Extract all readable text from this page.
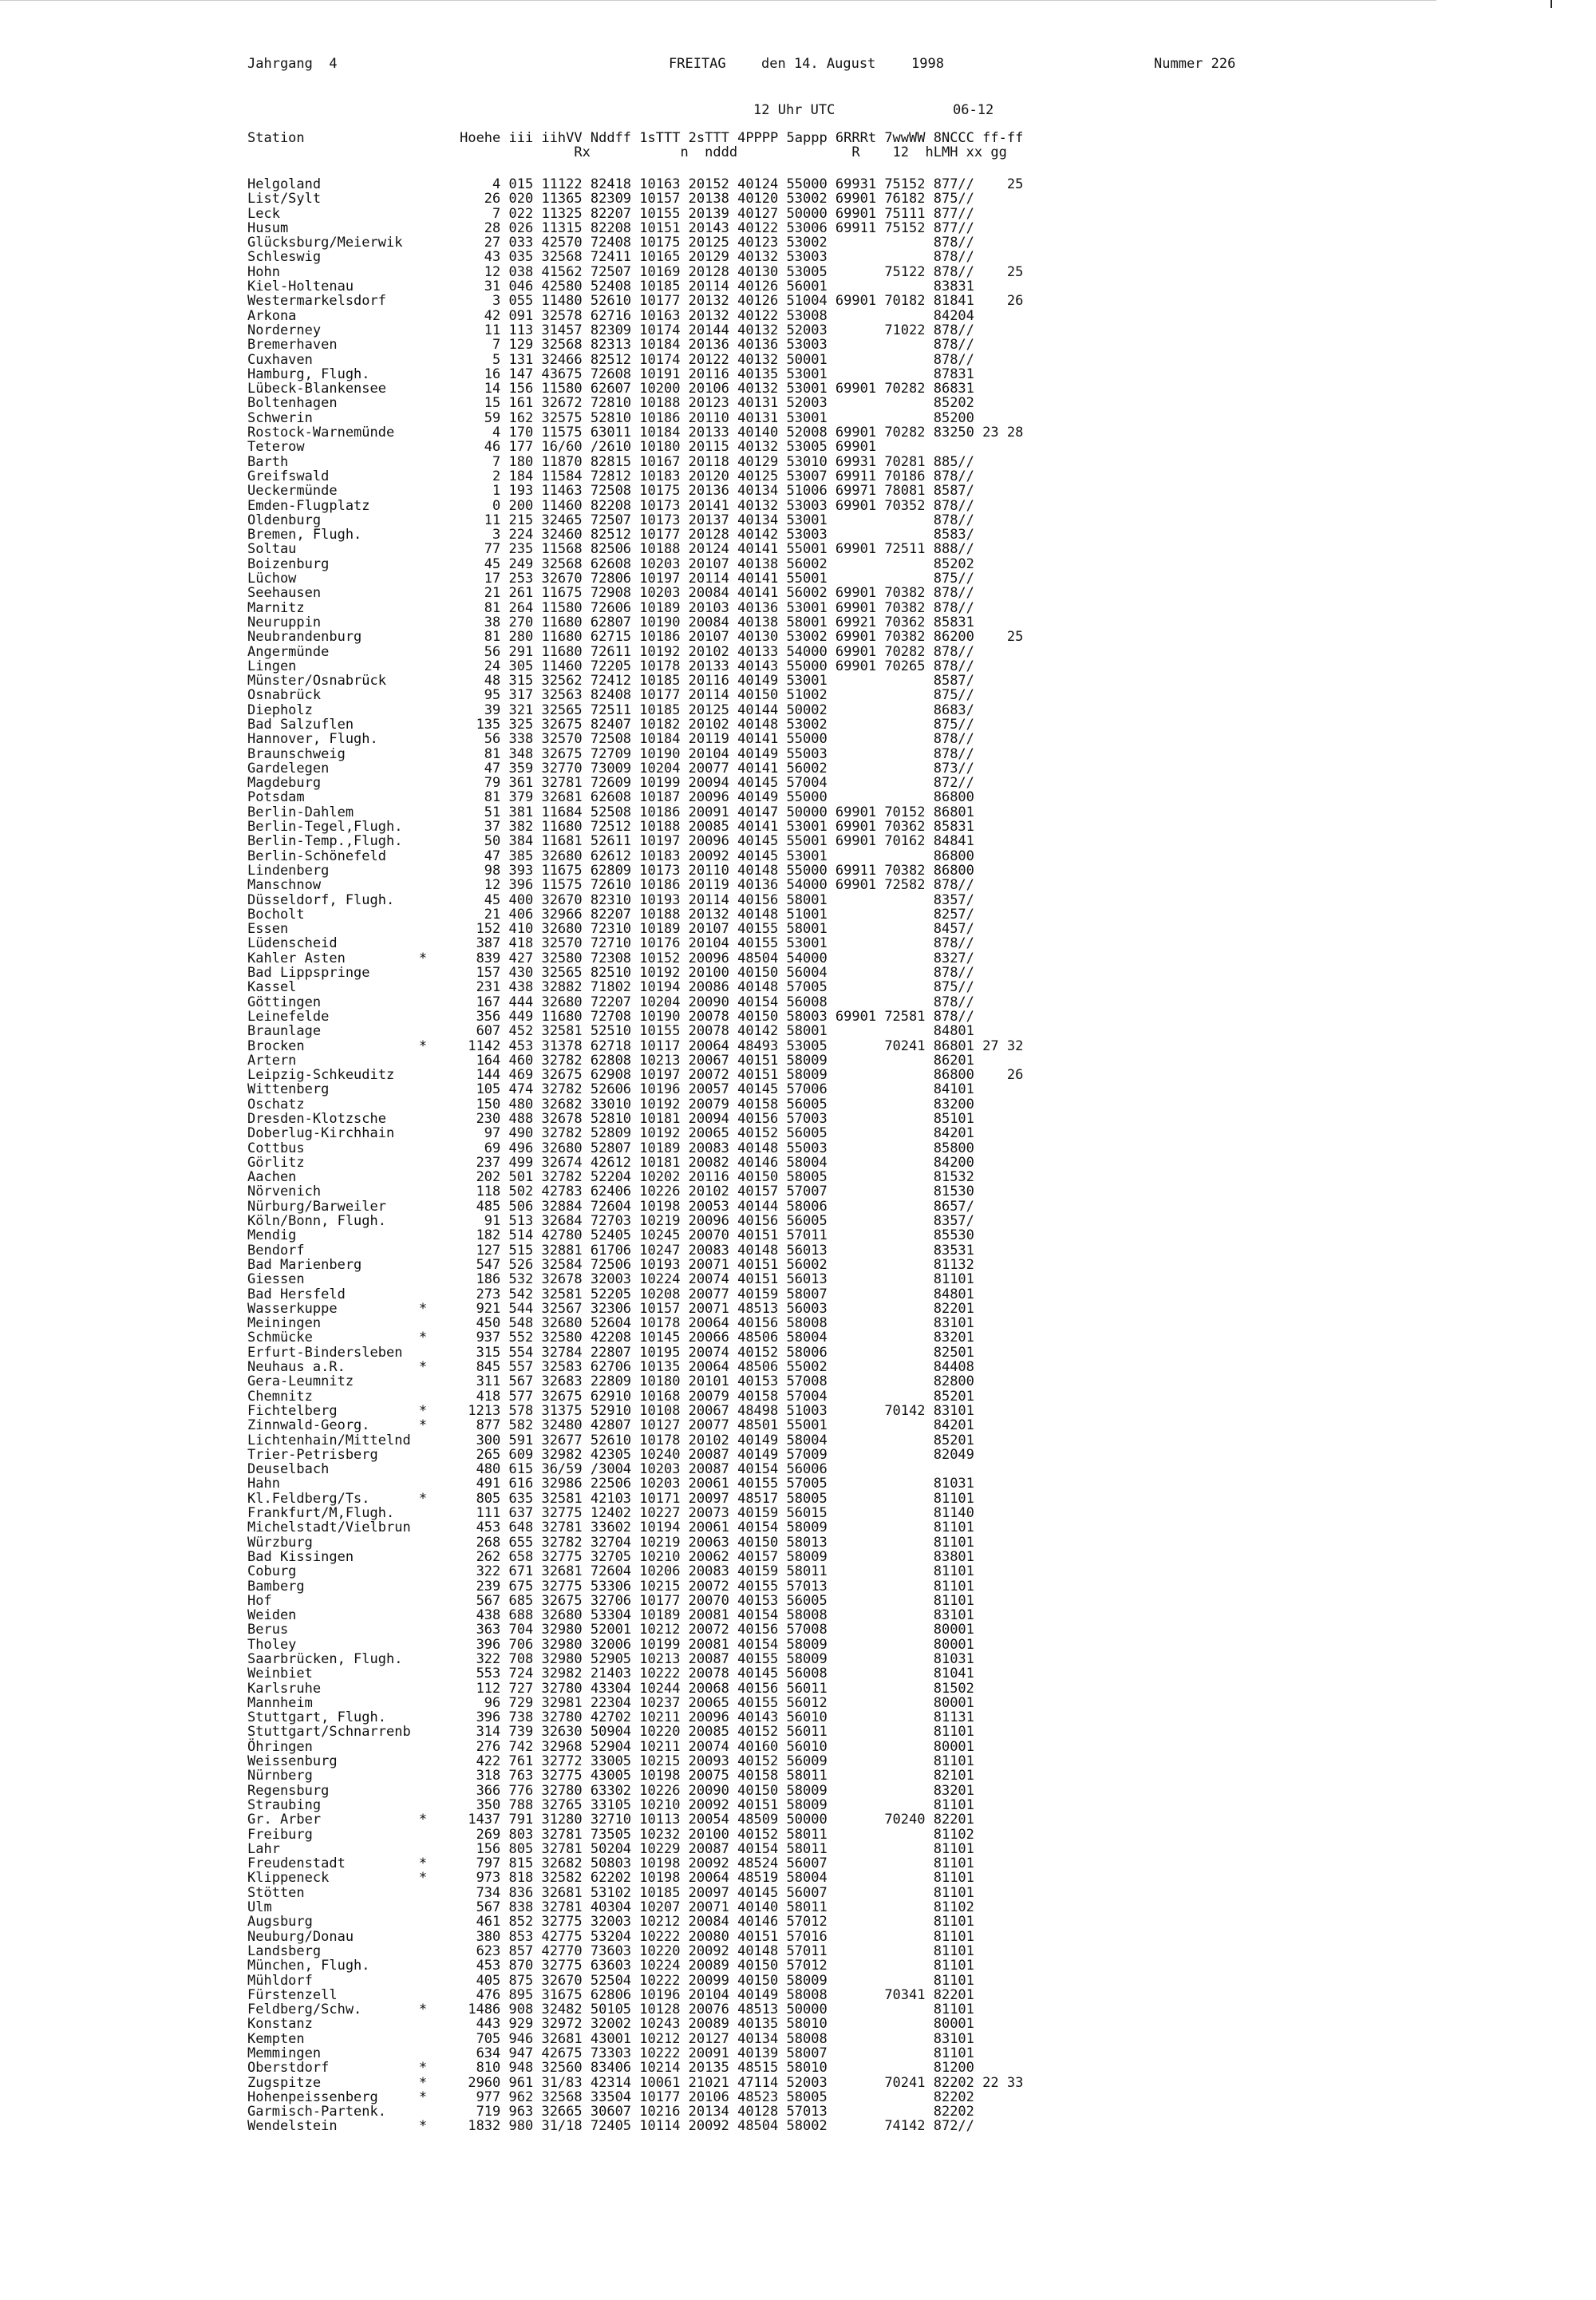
Jahrgang  4	FREITAG	den 14. August	1998	Nummer 226
12 Uhr UTC	06-12
Station                   Hoehe iii iihVV Nddff 1sTTT 2sTTT 4PPPP 5appp 6RRRt 7wwWW 8NCCC ff-ff
Rx           n  nddd              R    12  hLMH xx gg
Helgoland                     4 015 11122 82418 10163 20152 40124 55000 69931 75152 877//    25
List/Sylt                    26 020 11365 82309 10157 20138 40120 53002 69901 76182 875//
Leck                          7 022 11325 82207 10155 20139 40127 50000 69901 75111 877//
Husum                        28 026 11315 82208 10151 20143 40122 53006 69911 75152 877//
Glücksburg/Meierwik          27 033 42570 72408 10175 20125 40123 53002             878//
Schleswig                    43 035 32568 72411 10165 20129 40132 53003             878//
Hohn                         12 038 41562 72507 10169 20128 40130 53005       75122 878//    25
Kiel-Holtenau                31 046 42580 52408 10185 20114 40126 56001             83831
Westermarkelsdorf             3 055 11480 52610 10177 20132 40126 51004 69901 70182 81841    26
Arkona                       42 091 32578 62716 10163 20132 40122 53008             84204
Norderney                    11 113 31457 82309 10174 20144 40132 52003       71022 878//
Bremerhaven                   7 129 32568 82313 10184 20136 40136 53003             878//
Cuxhaven                      5 131 32466 82512 10174 20122 40132 50001             878//
Hamburg, Flugh.              16 147 43675 72608 10191 20116 40135 53001             87831
Lübeck-Blankensee            14 156 11580 62607 10200 20106 40132 53001 69901 70282 86831
Boltenhagen                  15 161 32672 72810 10188 20123 40131 52003             85202
Schwerin                     59 162 32575 52810 10186 20110 40131 53001             85200
Rostock-Warnemünde            4 170 11575 63011 10184 20133 40140 52008 69901 70282 83250 23 28
Teterow                      46 177 16/60 /2610 10180 20115 40132 53005 69901
Barth                         7 180 11870 82815 10167 20118 40129 53010 69931 70281 885//
Greifswald                    2 184 11584 72812 10183 20120 40125 53007 69911 70186 878//
Ueckermünde                   1 193 11463 72508 10175 20136 40134 51006 69971 78081 8587/
Emden-Flugplatz               0 200 11460 82208 10173 20141 40132 53003 69901 70352 878//
Oldenburg                    11 215 32465 72507 10173 20137 40134 53001             878//
Bremen, Flugh.                3 224 32460 82512 10177 20128 40142 53003             8583/
Soltau                       77 235 11568 82506 10188 20124 40141 55001 69901 72511 888//
Boizenburg                   45 249 32568 62608 10203 20107 40138 56002             85202
Lüchow                       17 253 32670 72806 10197 20114 40141 55001             875//
Seehausen                    21 261 11675 72908 10203 20084 40141 56002 69901 70382 878//
Marnitz                      81 264 11580 72606 10189 20103 40136 53001 69901 70382 878//
Neuruppin                    38 270 11680 62807 10190 20084 40138 58001 69921 70362 85831
Neubrandenburg               81 280 11680 62715 10186 20107 40130 53002 69901 70382 86200    25
Angermünde                   56 291 11680 72611 10192 20102 40133 54000 69901 70282 878//
Lingen                       24 305 11460 72205 10178 20133 40143 55000 69901 70265 878//
Münster/Osnabrück            48 315 32562 72412 10185 20116 40149 53001             8587/
Osnabrück                    95 317 32563 82408 10177 20114 40150 51002             875//
Diepholz                     39 321 32565 72511 10185 20125 40144 50002             8683/
Bad Salzuflen               135 325 32675 82407 10182 20102 40148 53002             875//
Hannover, Flugh.             56 338 32570 72508 10184 20119 40141 55000             878//
Braunschweig                 81 348 32675 72709 10190 20104 40149 55003             878//
Gardelegen                   47 359 32770 73009 10204 20077 40141 56002             873//
Magdeburg                    79 361 32781 72609 10199 20094 40145 57004             872//
Potsdam                      81 379 32681 62608 10187 20096 40149 55000             86800
Berlin-Dahlem                51 381 11684 52508 10186 20091 40147 50000 69901 70152 86801
Berlin-Tegel,Flugh.          37 382 11680 72512 10188 20085 40141 53001 69901 70362 85831
Berlin-Temp.,Flugh.          50 384 11681 52611 10197 20096 40145 55001 69901 70162 84841
Berlin-Schönefeld            47 385 32680 62612 10183 20092 40145 53001             86800
Lindenberg                   98 393 11675 62809 10173 20110 40148 55000 69911 70382 86800
Manschnow                    12 396 11575 72610 10186 20119 40136 54000 69901 72582 878//
Düsseldorf, Flugh.           45 400 32670 82310 10193 20114 40156 58001             8357/
Bocholt                      21 406 32966 82207 10188 20132 40148 51001             8257/
Essen                       152 410 32680 72310 10189 20107 40155 58001             8457/
Lüdenscheid                 387 418 32570 72710 10176 20104 40155 53001             878//
Kahler Asten         *      839 427 32580 72308 10152 20096 48504 54000             8327/
Bad Lippspringe             157 430 32565 82510 10192 20100 40150 56004             878//
Kassel                      231 438 32882 71802 10194 20086 40148 57005             875//
Göttingen                   167 444 32680 72207 10204 20090 40154 56008             878//
Leinefelde                  356 449 11680 72708 10190 20078 40150 58003 69901 72581 878//
Braunlage                   607 452 32581 52510 10155 20078 40142 58001             84801
Brocken              *     1142 453 31378 62718 10117 20064 48493 53005       70241 86801 27 32
Artern                      164 460 32782 62808 10213 20067 40151 58009             86201
Leipzig-Schkeuditz          144 469 32675 62908 10197 20072 40151 58009             86800    26
Wittenberg                  105 474 32782 52606 10196 20057 40145 57006             84101
Oschatz                     150 480 32682 33010 10192 20079 40158 56005             83200
Dresden-Klotzsche           230 488 32678 52810 10181 20094 40156 57003             85101
Doberlug-Kirchhain           97 490 32782 52809 10192 20065 40152 56005             84201
Cottbus                      69 496 32680 52807 10189 20083 40148 55003             85800
Görlitz                     237 499 32674 42612 10181 20082 40146 58004             84200
Aachen                      202 501 32782 52204 10202 20116 40150 58005             81532
Nörvenich                   118 502 42783 62406 10226 20102 40157 57007             81530
Nürburg/Barweiler           485 506 32884 72604 10198 20053 40144 58006             8657/
Köln/Bonn, Flugh.            91 513 32684 72703 10219 20096 40156 56005             8357/
Mendig                      182 514 42780 52405 10245 20070 40151 57011             85530
Bendorf                     127 515 32881 61706 10247 20083 40148 56013             83531
Bad Marienberg              547 526 32584 72506 10193 20071 40151 56002             81132
Giessen                     186 532 32678 32003 10224 20074 40151 56013             81101
Bad Hersfeld                273 542 32581 52205 10208 20077 40159 58007             84801
Wasserkuppe          *      921 544 32567 32306 10157 20071 48513 56003             82201
Meiningen                   450 548 32680 52604 10178 20064 40156 58008             83101
Schmücke             *      937 552 32580 42208 10145 20066 48506 58004             83201
Erfurt-Bindersleben         315 554 32784 22807 10195 20074 40152 58006             82501
Neuhaus a.R.         *      845 557 32583 62706 10135 20064 48506 55002             84408
Gera-Leumnitz               311 567 32683 22809 10180 20101 40153 57008             82800
Chemnitz                    418 577 32675 62910 10168 20079 40158 57004             85201
Fichtelberg          *     1213 578 31375 52910 10108 20067 48498 51003       70142 83101
Zinnwald-Georg.      *      877 582 32480 42807 10127 20077 48501 55001             84201
Lichtenhain/Mittelnd        300 591 32677 52610 10178 20102 40149 58004             85201
Trier-Petrisberg            265 609 32982 42305 10240 20087 40149 57009             82049
Deuselbach                  480 615 36/59 /3004 10203 20087 40154 56006
Hahn                        491 616 32986 22506 10203 20061 40155 57005             81031
Kl.Feldberg/Ts.      *      805 635 32581 42103 10171 20097 48517 58005             81101
Frankfurt/M,Flugh.          111 637 32775 12402 10227 20073 40159 56015             81140
Michelstadt/Vielbrun        453 648 32781 33602 10194 20061 40154 58009             81101
Würzburg                    268 655 32782 32704 10219 20063 40150 58013             81101
Bad Kissingen               262 658 32775 32705 10210 20062 40157 58009             83801
Coburg                      322 671 32681 72604 10206 20083 40159 58011             81101
Bamberg                     239 675 32775 53306 10215 20072 40155 57013             81101
Hof                         567 685 32675 32706 10177 20070 40153 56005             81101
Weiden                      438 688 32680 53304 10189 20081 40154 58008             83101
Berus                       363 704 32980 52001 10212 20072 40156 57008             80001
Tholey                      396 706 32980 32006 10199 20081 40154 58009             80001
Saarbrücken, Flugh.         322 708 32980 52905 10213 20087 40155 58009             81031
Weinbiet                    553 724 32982 21403 10222 20078 40145 56008             81041
Karlsruhe                   112 727 32780 43304 10244 20068 40156 56011             81502
Mannheim                     96 729 32981 22304 10237 20065 40155 56012             80001
Stuttgart, Flugh.           396 738 32780 42702 10211 20096 40143 56010             81131
Stuttgart/Schnarrenb        314 739 32630 50904 10220 20085 40152 56011             81101
Öhringen                    276 742 32968 52904 10211 20074 40160 56010             80001
Weissenburg                 422 761 32772 33005 10215 20093 40152 56009             81101
Nürnberg                    318 763 32775 43005 10198 20075 40158 58011             82101
Regensburg                  366 776 32780 63302 10226 20090 40150 58009             83201
Straubing                   350 788 32765 33105 10210 20092 40151 58009             81101
Gr. Arber            *     1437 791 31280 32710 10113 20054 48509 50000       70240 82201
Freiburg                    269 803 32781 73505 10232 20100 40152 58011             81102
Lahr                        156 805 32781 50204 10229 20087 40154 58011             81101
Freudenstadt         *      797 815 32682 50803 10198 20092 48524 56007             81101
Klippeneck           *      973 818 32582 62202 10198 20064 48519 58004             81101
Stötten                     734 836 32681 53102 10185 20097 40145 56007             81101
Ulm                         567 838 32781 40304 10207 20071 40140 58011             81102
Augsburg                    461 852 32775 32003 10212 20084 40146 57012             81101
Neuburg/Donau               380 853 42775 53204 10222 20080 40151 57016             81101
Landsberg                   623 857 42770 73603 10220 20092 40148 57011             81101
München, Flugh.             453 870 32775 63603 10224 20089 40150 57012             81101
Mühldorf                    405 875 32670 52504 10222 20099 40150 58009             81101
Fürstenzell                 476 895 31675 62806 10196 20104 40149 58008       70341 82201
Feldberg/Schw.       *     1486 908 32482 50105 10128 20076 48513 50000             81101
Konstanz                    443 929 32972 32002 10243 20089 40135 58010             80001
Kempten                     705 946 32681 43001 10212 20127 40134 58008             83101
Memmingen                   634 947 42675 73303 10222 20091 40139 58007             81101
Oberstdorf           *      810 948 32560 83406 10214 20135 48515 58010             81200
Zugspitze            *     2960 961 31/83 42314 10061 21021 47114 52003       70241 82202 22 33
Hohenpeissenberg     *      977 962 32568 33504 10177 20106 48523 58005             82202
Garmisch-Partenk.           719 963 32665 30607 10216 20134 40128 57013             82202
Wendelstein          *     1832 980 31/18 72405 10114 20092 48504 58002       74142 872//
